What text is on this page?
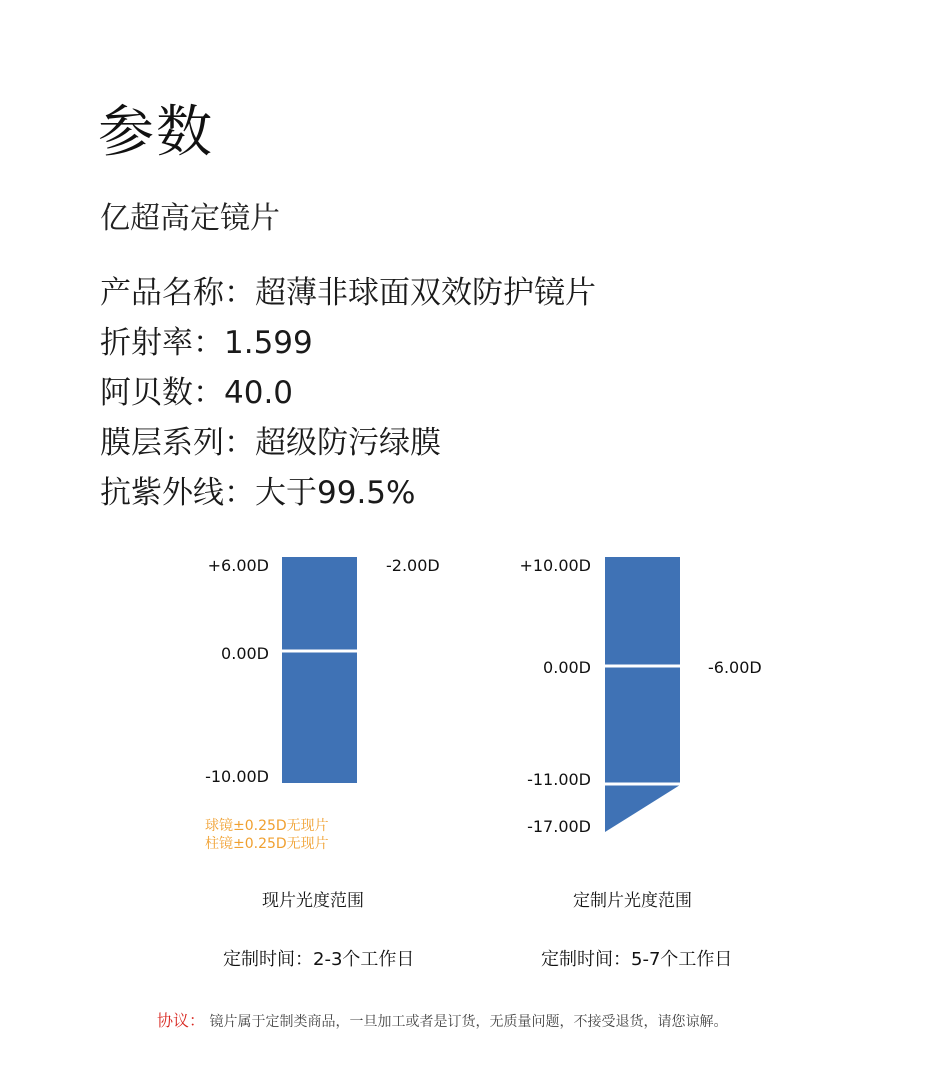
参数
亿超高定镜片
产品名称：超薄非球面双效防护镜片
折射率：1.599
阿贝数：40.0
膜层系列：超级防污绿膜
抗紫外线：大于99.5%
+6.00D
0.00D
-10.00D
-2.00D
球镜±0.25D无现片
柱镜±0.25D无现片
+10.00D
0.00D
-11.00D
-17.00D
-6.00D
现片光度范围	定制片光度范围
定制时间：2-3个工作日	定制时间：5-7个工作日
协议： 镜片属于定制类商品，一旦加工或者是订货，无质量问题，不接受退货，请您谅解。
